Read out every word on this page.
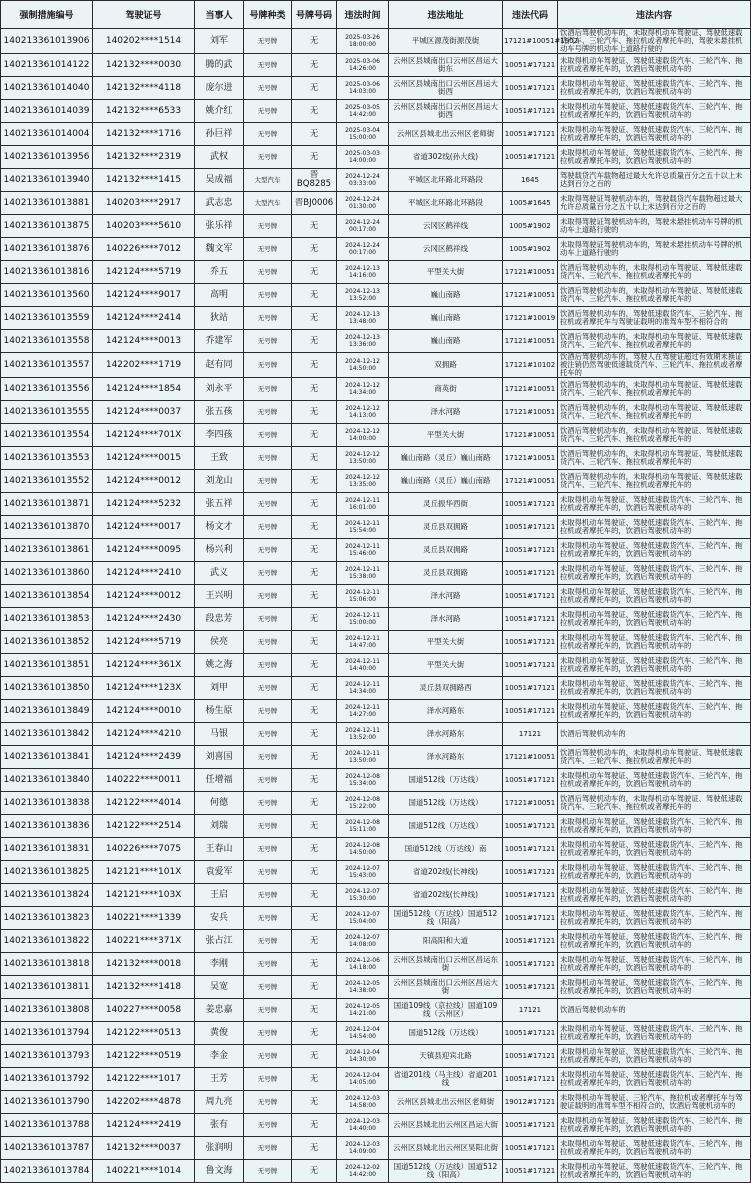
强制措施编号	驾驶证号	当事人	号牌种类	号牌号码	违法时间	违法地址	违法代码	违法内容
140213361013906	140202****1514	刘军	无号牌	无	2025-03-26 18:00:00	平城区源茂街源茂街	17121#10051#1902	饮酒后驾驶机动车的，未取得机动车驾驶证、驾驶低速载货汽车、三轮汽车、拖拉机或者摩托车的，驾驶未悬挂机动车号牌的机动车上道路行驶的
140213361014122	142132****0030	腾的武	无号牌	无	2025-03-06 14:26:00	云州区县城南出口云州区昌运大街东	10051#17121	未取得机动车驾驶证、驾驶低速载货汽车、三轮汽车、拖拉机或者摩托车的，饮酒后驾驶机动车的
140213361014040	142132****4118	庞尔进	无号牌	无	2025-03-06 14:03:00	云州区县城南出口云州区昌运大街西	10051#17121	未取得机动车驾驶证、驾驶低速载货汽车、三轮汽车、拖拉机或者摩托车的，饮酒后驾驶机动车的
140213361014039	142132****6533	姚介红	无号牌	无	2025-03-05 14:42:00	云州区县城南出口云州区昌运大街西	10051#17121	未取得机动车驾驶证、驾驶低速载货汽车、三轮汽车、拖拉机或者摩托车的，饮酒后驾驶机动车的
140213361014004	142132****1716	孙巨祥	无号牌	无	2025-03-04 15:00:00	云州区县城北出云州区老师街	10051#17121	未取得机动车驾驶证、驾驶低速载货汽车、三轮汽车、拖拉机或者摩托车的，饮酒后驾驶机动车的
140213361013956	142132****2319	武权	无号牌	无	2025-03-03 14:00:00	省道302线(孙大线)	10051#17121	未取得机动车驾驶证、驾驶低速载货汽车、三轮汽车、拖拉机或者摩托车的，饮酒后驾驶机动车的
140213361013940	142132****1415	吴成福	大型汽车	晋BQ8285	2024-12-24 03:33:00	平城区北环路北环路段	1645	驾驶载货汽车载物超过最大允许总质量百分之五十以上未达到百分之百的
140213361013881	140203****2917	武志忠	大型汽车	晋BJ0006	2024-12-24 01:30:00	平城区北环路北环路段	1005#1645	未取得驾驶证驾驶机动车的，驾驶载货汽车载物超过最大允许总质量百分之五十以上未达到百分之百的
140213361013875	140203****5610	张乐祥	无号牌	无	2024-12-24 00:17:00	云冈区鹤祥线	1005#1902	未取得驾驶证驾驶机动车的，驾驶未悬挂机动车号牌的机动车上道路行驶的
140213361013876	140226****7012	魏文军	无号牌	无	2024-12-24 00:17:00	云冈区鹤祥线	1005#1902	未取得驾驶证驾驶机动车的，驾驶未悬挂机动车号牌的机动车上道路行驶的
140213361013816	142124****5719	乔五	无号牌	无	2024-12-13 14:16:00	平型关大街	17121#10051	饮酒后驾驶机动车的，未取得机动车驾驶证、驾驶低速载货汽车、三轮汽车、拖拉机或者摩托车的
140213361013560	142124****9017	高明	无号牌	无	2024-12-13 13:52:00	巍山南路	17121#10051	饮酒后驾驶机动车的，未取得机动车驾驶证、驾驶低速载货汽车、三轮汽车、拖拉机或者摩托车的
140213361013559	142124****2414	狄站	无号牌	无	2024-12-13 13:48:00	巍山南路	17121#10019	饮酒后驾驶机动车的，驾驶低速载货汽车、三轮汽车、拖拉机或者摩托车与驾驶证载明的准驾车型不相符合的
140213361013558	142124****0013	乔建军	无号牌	无	2024-12-13 13:36:00	巍山南路	17121#10051	饮酒后驾驶机动车的，未取得机动车驾驶证、驾驶低速载货汽车、三轮汽车、拖拉机或者摩托车的
140213361013557	142202****1719	赵有同	无号牌	无	2024-12-12 14:50:00	双拥路	17121#10102	饮酒后驾驶机动车的，驾驶人在驾驶证超过有效期未换证被注销仍然驾驶低速载货汽车、三轮汽车、拖拉机或者摩托车的
140213361013556	142124****1854	刘永平	无号牌	无	2024-12-12 14:34:00	商英街	17121#10051	饮酒后驾驶机动车的，未取得机动车驾驶证、驾驶低速载货汽车、三轮汽车、拖拉机或者摩托车的
140213361013555	142124****0037	张五孩	无号牌	无	2024-12-12 14:13:00	泽水河路	17121#10051	饮酒后驾驶机动车的，未取得机动车驾驶证、驾驶低速载货汽车、三轮汽车、拖拉机或者摩托车的
140213361013554	142124****701X	李四孩	无号牌	无	2024-12-12 14:00:00	平型关大街	17121#10051	饮酒后驾驶机动车的，未取得机动车驾驶证、驾驶低速载货汽车、三轮汽车、拖拉机或者摩托车的
140213361013553	142124****0015	王致	无号牌	无	2024-12-12 13:50:00	巍山南路（灵丘）巍山南路	17121#10051	饮酒后驾驶机动车的，未取得机动车驾驶证、驾驶低速载货汽车、三轮汽车、拖拉机或者摩托车的
140213361013552	142124****0012	刘龙山	无号牌	无	2024-12-12 13:35:00	巍山南路（灵丘）巍山南路	17121#10051	饮酒后驾驶机动车的，未取得机动车驾驶证、驾驶低速载货汽车、三轮汽车、拖拉机或者摩托车的
140213361013871	142124****5232	张五祥	无号牌	无	2024-12-11 16:01:00	灵丘振华西街	10051#17121	未取得机动车驾驶证、驾驶低速载货汽车、三轮汽车、拖拉机或者摩托车的，饮酒后驾驶机动车的
140213361013870	142124****0017	杨文才	无号牌	无	2024-12-11 15:54:00	灵丘县双拥路	10051#17121	未取得机动车驾驶证、驾驶低速载货汽车、三轮汽车、拖拉机或者摩托车的，饮酒后驾驶机动车的
140213361013861	142124****0095	杨兴利	无号牌	无	2024-12-11 15:46:00	灵丘县双拥路	10051#17121	未取得机动车驾驶证、驾驶低速载货汽车、三轮汽车、拖拉机或者摩托车的，饮酒后驾驶机动车的
140213361013860	142124****2410	武义	无号牌	无	2024-12-11 15:38:00	灵丘县双拥路	10051#17121	未取得机动车驾驶证、驾驶低速载货汽车、三轮汽车、拖拉机或者摩托车的，饮酒后驾驶机动车的
140213361013854	142124****0012	王兴明	无号牌	无	2024-12-11 15:06:00	泽水河路	10051#17121	未取得机动车驾驶证、驾驶低速载货汽车、三轮汽车、拖拉机或者摩托车的，饮酒后驾驶机动车的
140213361013853	142124****2430	段忠芳	无号牌	无	2024-12-11 15:00:00	泽水河路	10051#17121	未取得机动车驾驶证、驾驶低速载货汽车、三轮汽车、拖拉机或者摩托车的，饮酒后驾驶机动车的
140213361013852	142124****5719	侯亮	无号牌	无	2024-12-11 14:47:00	平型关大街	10051#17121	未取得机动车驾驶证、驾驶低速载货汽车、三轮汽车、拖拉机或者摩托车的，饮酒后驾驶机动车的
140213361013851	142124****361X	姚之海	无号牌	无	2024-12-11 14:40:00	平型关大街	10051#17121	未取得机动车驾驶证、驾驶低速载货汽车、三轮汽车、拖拉机或者摩托车的，饮酒后驾驶机动车的
140213361013850	142124****123X	刘甲	无号牌	无	2024-12-11 14:34:00	灵丘县双拥路西	10051#17121	未取得机动车驾驶证、驾驶低速载货汽车、三轮汽车、拖拉机或者摩托车的，饮酒后驾驶机动车的
140213361013849	142124****0010	杨生原	无号牌	无	2024-12-11 14:27:00	泽水河路东	10051#17121	未取得机动车驾驶证、驾驶低速载货汽车、三轮汽车、拖拉机或者摩托车的，饮酒后驾驶机动车的
140213361013842	142124****4210	马银	无号牌	无	2024-12-11 13:52:00	泽水河路东	17121	饮酒后驾驶机动车的
140213361013841	142124****2439	刘喜国	无号牌	无	2024-12-11 13:50:00	泽水河路东	17121#10051	饮酒后驾驶机动车的，未取得机动车驾驶证、驾驶低速载货汽车、三轮汽车、拖拉机或者摩托车的
140213361013840	140222****0011	任增福	无号牌	无	2024-12-08 15:34:00	国道512线（万达线）	10051#17121	未取得机动车驾驶证、驾驶低速载货汽车、三轮汽车、拖拉机或者摩托车的，饮酒后驾驶机动车的
140213361013838	142122****4014	何德	无号牌	无	2024-12-08 15:22:00	国道512线（万达线）	17121#10051	饮酒后驾驶机动车的，未取得机动车驾驶证、驾驶低速载货汽车、三轮汽车、拖拉机或者摩托车的
140213361013836	142122****2514	刘瑞	无号牌	无	2024-12-08 15:11:00	国道512线（万达线）	10051#17121	未取得机动车驾驶证、驾驶低速载货汽车、三轮汽车、拖拉机或者摩托车的，饮酒后驾驶机动车的
140213361013831	140226****7075	王春山	无号牌	无	2024-12-08 14:50:00	国道512线（万达线）南	10051#17121	未取得机动车驾驶证、驾驶低速载货汽车、三轮汽车、拖拉机或者摩托车的，饮酒后驾驶机动车的
140213361013825	142121****101X	袁爱军	无号牌	无	2024-12-07 15:43:00	省道202线(长神线)	10051#17121	未取得机动车驾驶证、驾驶低速载货汽车、三轮汽车、拖拉机或者摩托车的，饮酒后驾驶机动车的
140213361013824	142121****103X	王启	无号牌	无	2024-12-07 15:30:00	省道202线(长神线)	10051#17121	未取得机动车驾驶证、驾驶低速载货汽车、三轮汽车、拖拉机或者摩托车的，饮酒后驾驶机动车的
140213361013823	140221****1339	安兵	无号牌	无	2024-12-07 15:04:00	国道512线（万达线）国道512线（阳高）	10051#17121	未取得机动车驾驶证、驾驶低速载货汽车、三轮汽车、拖拉机或者摩托车的，饮酒后驾驶机动车的
140213361013822	140221****371X	张占江	无号牌	无	2024-12-07 14:08:00	阳高阳和大道	10051#17121	未取得机动车驾驶证、驾驶低速载货汽车、三轮汽车、拖拉机或者摩托车的，饮酒后驾驶机动车的
140213361013818	142132****0018	李刚	无号牌	无	2024-12-06 14:18:00	云州区县城南出口云州区昌运东街	10051#17121	未取得机动车驾驶证、驾驶低速载货汽车、三轮汽车、拖拉机或者摩托车的，饮酒后驾驶机动车的
140213361013811	142132****1418	吴宽	无号牌	无	2024-12-05 14:38:00	云州区县城南出口云州区昌运大街	10051#17121	未取得机动车驾驶证、驾驶低速载货汽车、三轮汽车、拖拉机或者摩托车的，饮酒后驾驶机动车的
140213361013808	140227****0058	姜忠嘉	无号牌	无	2024-12-05 14:21:00	国道109线（京拉线）国道109线（云州区）	17121	饮酒后驾驶机动车的
140213361013794	142122****0513	黄俊	无号牌	无	2024-12-04 14:54:00	国道512线（万达线）	10051#17121	未取得机动车驾驶证、驾驶低速载货汽车、三轮汽车、拖拉机或者摩托车的，饮酒后驾驶机动车的
140213361013793	142122****0519	李金	无号牌	无	2024-12-04 14:30:00	天镇县迎宾北路	10051#17121	未取得机动车驾驶证、驾驶低速载货汽车、三轮汽车、拖拉机或者摩托车的，饮酒后驾驶机动车的
140213361013792	142122****1017	王芳	无号牌	无	2024-12-04 14:05:00	省道201线（马主线）省道201线	10051#17121	未取得机动车驾驶证、驾驶低速载货汽车、三轮汽车、拖拉机或者摩托车的，饮酒后驾驶机动车的
140213361013790	142202****4878	周九亮	无号牌	无	2024-12-03 14:58:00	云州区县城北出云州区老师街	19012#17121	未取得机动车驾驶证、三轮汽车、拖拉机或者摩托车与驾驶证载明的准驾车型不相符合的，饮酒后驾驶机动车的
140213361013788	142124****2419	张有	无号牌	无	2024-12-03 14:40:00	云州区县城北出云州区昌运大街	10051#17121	未取得机动车驾驶证、驾驶低速载货汽车、三轮汽车、拖拉机或者摩托车的，饮酒后驾驶机动车的
140213361013787	142132****0037	张润明	无号牌	无	2024-12-03 14:09:00	云州区县城北出云州区昊阳北街	10051#17121	未取得机动车驾驶证、驾驶低速载货汽车、三轮汽车、拖拉机或者摩托车的，饮酒后驾驶机动车的
140213361013784	140221****1014	鲁文海	无号牌	无	2024-12-02 14:42:00	国道512线（万达线）国道512线（阳高）	10051#17121	未取得机动车驾驶证、驾驶低速载货汽车、三轮汽车、拖拉机或者摩托车的，饮酒后驾驶机动车的
